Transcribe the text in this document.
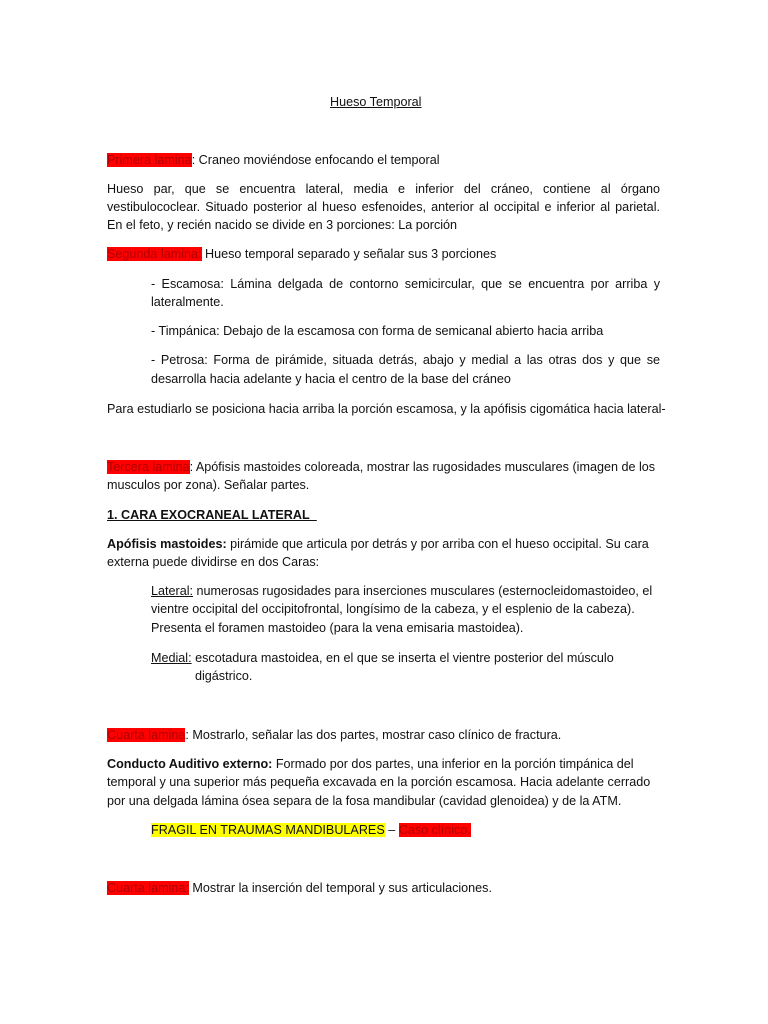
Hueso Temporal
Primera lamina: Craneo moviéndose enfocando el temporal
Hueso par, que se encuentra lateral, media e inferior del cráneo, contiene al órgano
vestibulococlear. Situado posterior al hueso esfenoides, anterior al occipital e inferior al parietal.
En el feto, y recién nacido se divide en 3 porciones: La porción
Segunda lamina: Hueso temporal separado y señalar sus 3 porciones
- Escamosa: Lámina delgada de contorno semicircular, que se encuentra por arriba y
lateralmente.
- Timpánica: Debajo de la escamosa con forma de semicanal abierto hacia arriba
- Petrosa: Forma de pirámide, situada detrás, abajo y medial a las otras dos y que se
desarrolla hacia adelante y hacia el centro de la base del cráneo
Para estudiarlo se posiciona hacia arriba la porción escamosa, y la apófisis cigomática hacia lateral-
Tercera lamina: Apófisis mastoides coloreada, mostrar las rugosidades musculares (imagen de los
musculos por zona). Señalar partes.
1. CARA EXOCRANEAL LATERAL_
Apófisis mastoides: pirámide que articula por detrás y por arriba con el hueso occipital. Su cara
externa puede dividirse en dos Caras:
Lateral: numerosas rugosidades para inserciones musculares (esternocleidomastoideo, el
vientre occipital del occipitofrontal, longísimo de la cabeza, y el esplenio de la cabeza).
Presenta el foramen mastoideo (para la vena emisaria mastoidea).
Medial: escotadura mastoidea, en el que se inserta el vientre posterior del músculo
digástrico.
Cuarta lamina: Mostrarlo, señalar las dos partes, mostrar caso clínico de fractura.
Conducto Auditivo externo: Formado por dos partes, una inferior en la porción timpánica del
temporal y una superior más pequeña excavada en la porción escamosa. Hacia adelante cerrado
por una delgada lámina ósea separa de la fosa mandibular (cavidad glenoidea) y de la ATM.
FRAGIL EN TRAUMAS MANDIBULARES – Caso clínico.
Cuarta lamina: Mostrar la inserción del temporal y sus articulaciones.
